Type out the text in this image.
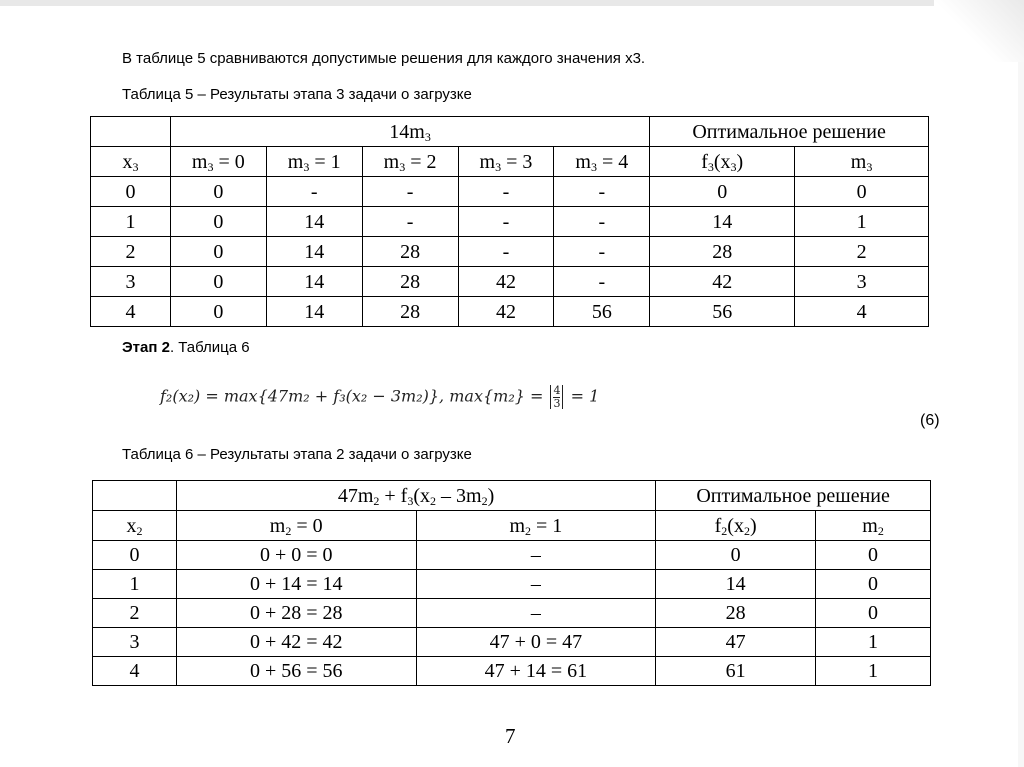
В таблице 5 сравниваются допустимые решения для каждого значения х3.
Таблица 5 – Результаты этапа 3 задачи о загрузке
	$14m_3$					Оптимальное решение	
$x_3$	$m_3 = 0$	$m_3 = 1$	$m_3 = 2$	$m_3 = 3$	$m_3 = 4$	$f_3(x_3)$	$m_3$
0	0	-	-	-	-	0	0
1	0	14	-	-	-	14	1
2	0	14	28	-	-	28	2
3	0	14	28	42	-	42	3
4	0	14	28	42	56	56	4
Этап 2. Таблица 6
f₂(x₂) = max{47m₂ + f₃(x₂ − 3m₂)}, $\max\{m_2\} = \frac{4}{3} = 1$
(6)
Таблица 6 – Результаты этапа 2 задачи о загрузке
	$47m_2 + f_3(x_2 - 3m_2)$		Оптимальное решение	
$x_2$	$m_2 = 0$	$m_2 = 1$	$f_2(x_2)$	$m_2$
0	0 + 0 = 0	–	0	0
1	0 + 14 = 14	–	14	0
2	0 + 28 = 28	–	28	0
3	0 + 42 = 42	47 + 0 = 47	47	1
4	0 + 56 = 56	47 + 14 = 61	61	1
7
